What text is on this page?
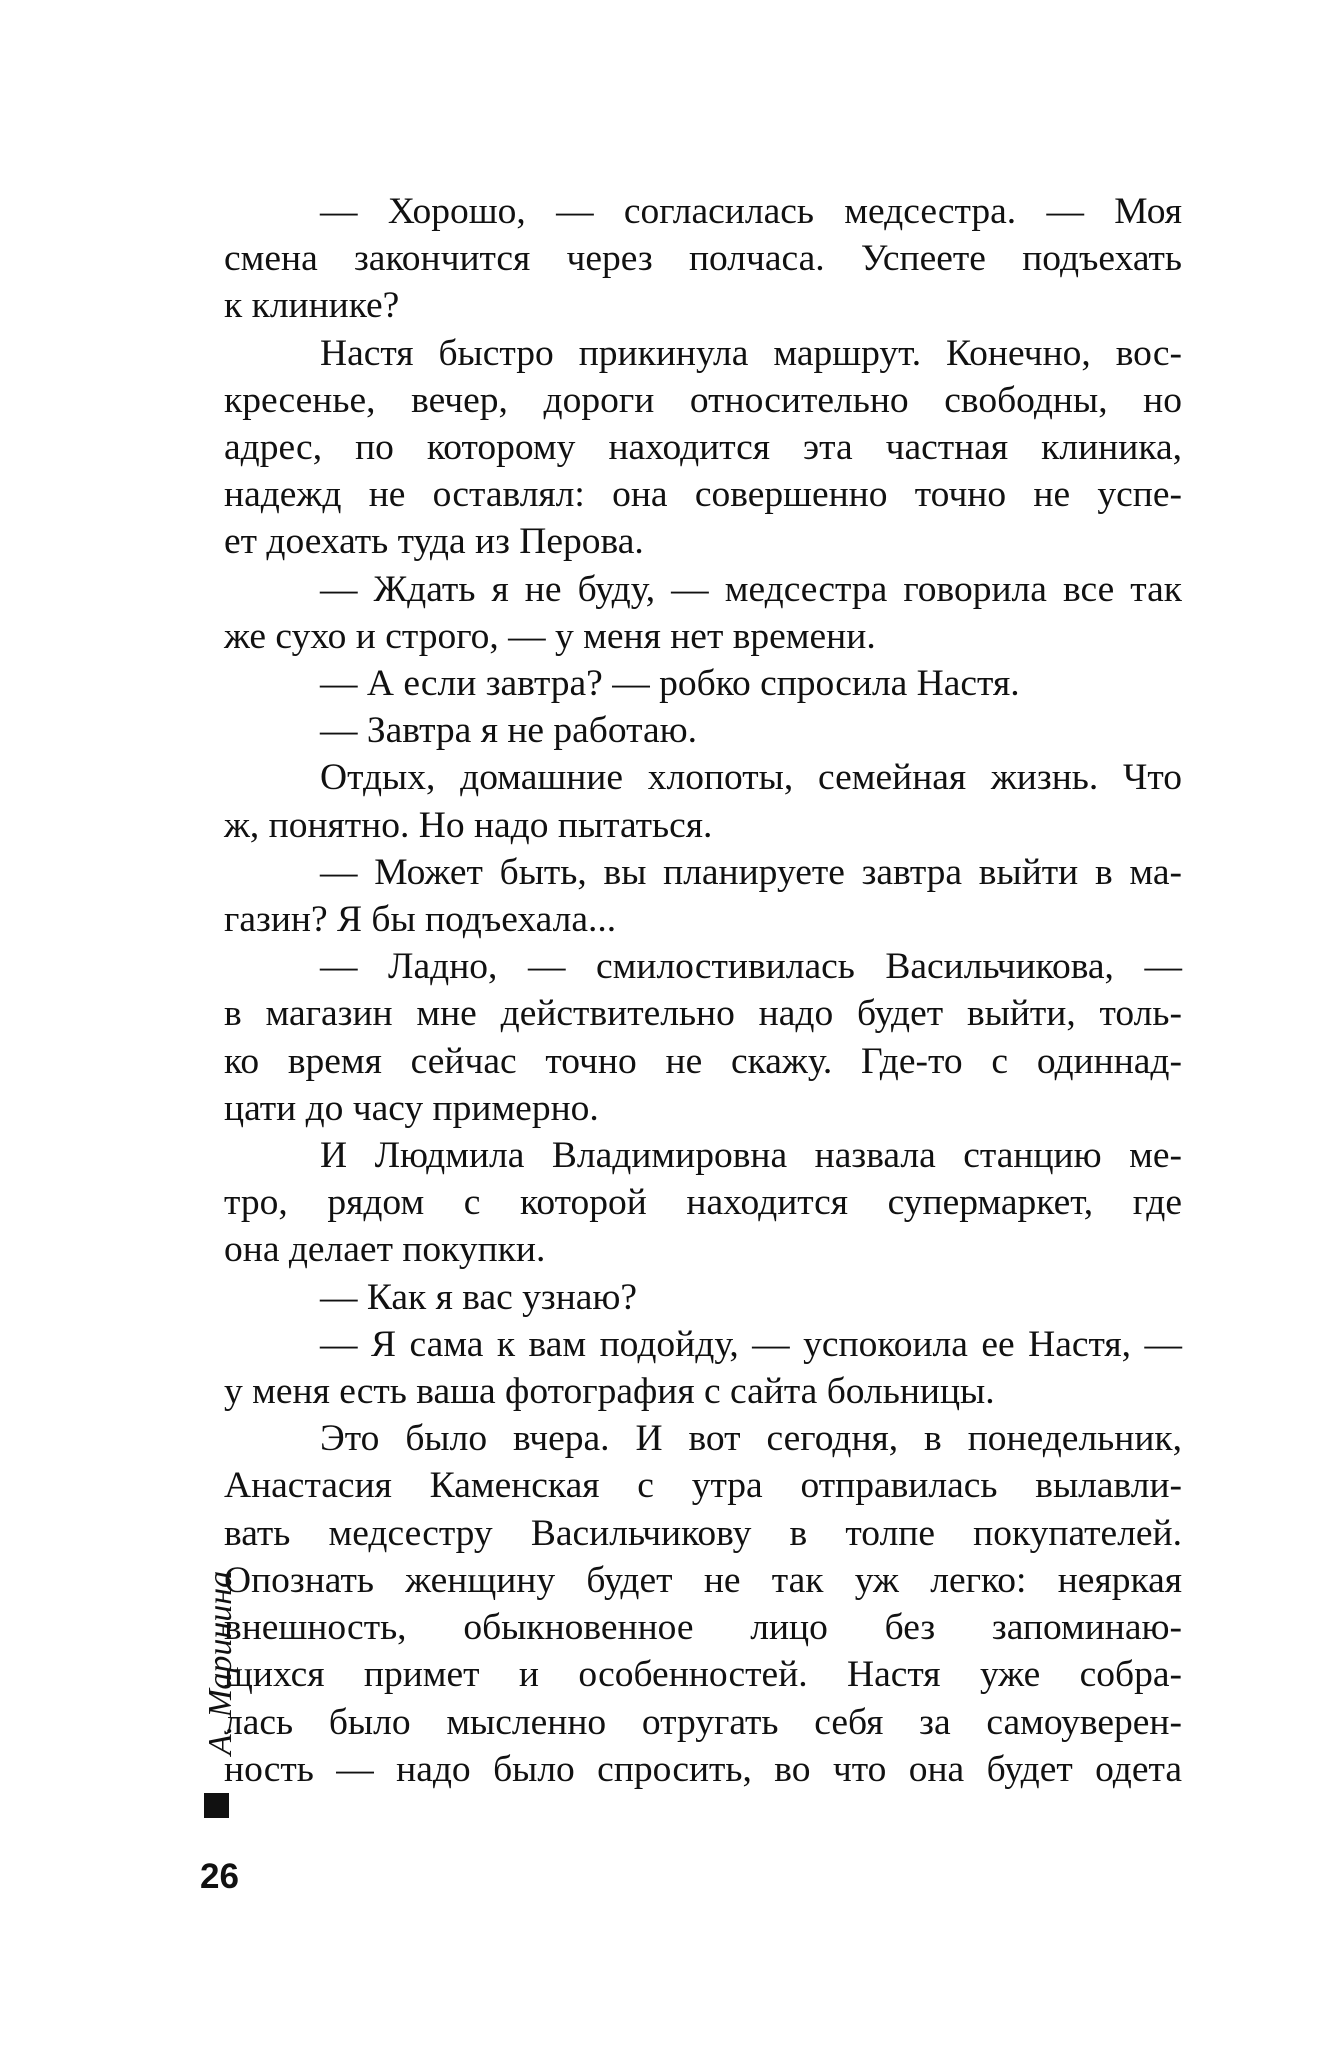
— Хорошо, — согласилась медсестра. — Моя
смена закончится через полчаса. Успеете подъехать
к клинике?

Настя быстро прикинула маршрут. Конечно, вос-
кресенье, вечер, дороги относительно свободны, но
адрес, по которому находится эта частная клиника,
надежд не оставлял: она совершенно точно не успе-
ет доехать туда из Перова.

— Ждать я не буду, — медсестра говорила все так
же сухо и строго, — у меня нет времени.

— А если завтра? — робко спросила Настя.

— Завтра я не работаю.

Отдых, домашние хлопоты, семейная жизнь. Что
ж, понятно. Но надо пытаться.

— Может быть, вы планируете завтра выйти в ма-
газин? Я бы подъехала...

— Ладно, — смилостивилась Васильчикова, —
в магазин мне действительно надо будет выйти, толь-
ко время сейчас точно не скажу. Где-то с одиннад-
цати до часу примерно.

И Людмила Владимировна назвала станцию ме-
тро, рядом с которой находится супермаркет, где
она делает покупки.

— Как я вас узнаю?

— Я сама к вам подойду, — успокоила ее Настя, —
у меня есть ваша фотография с сайта больницы.

Это было вчера. И вот сегодня, в понедельник,
Анастасия Каменская с утра отправилась вылавли-
вать медсестру Васильчикову в толпе покупателей.
Опознать женщину будет не так уж легко: неяркая
внешность, обыкновенное лицо без запоминаю-
щихся примет и особенностей. Настя уже собра-
лась было мысленно отругать себя за самоуверен-
ность — надо было спросить, во что она будет одета

А. Маринина
26
